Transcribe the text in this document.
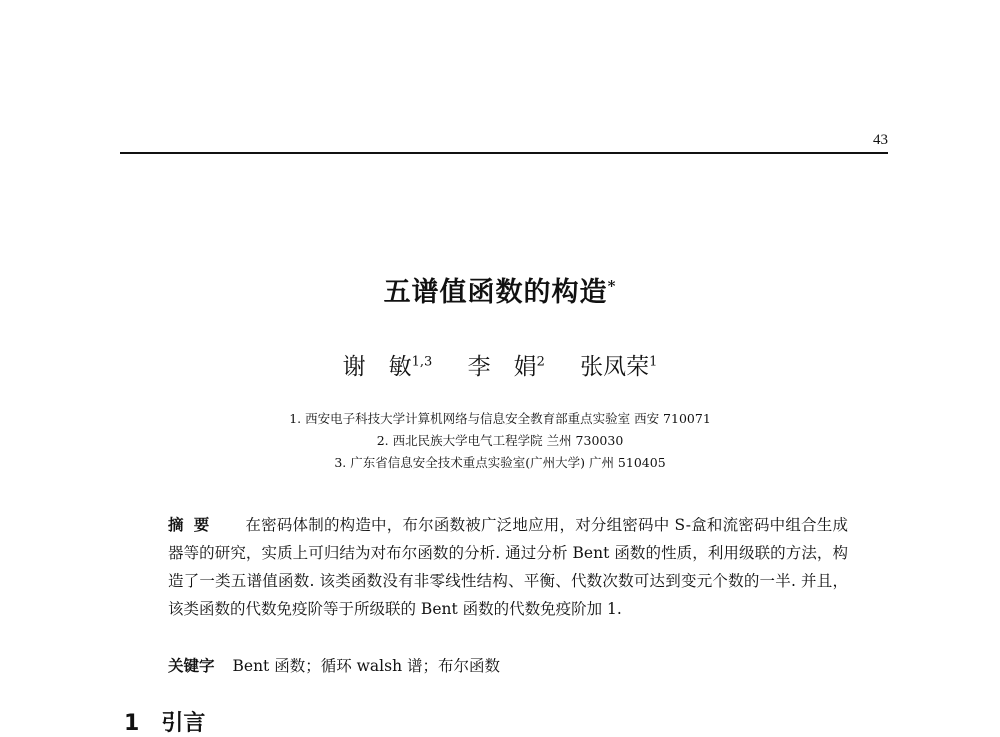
43
五谱值函数的构造*
谢　敏$^{1,3}$ 李　娟$^2$ 张凤荣$^1$
1. 西安电子科技大学计算机网络与信息安全教育部重点实验室 西安 710071
2. 西北民族大学电气工程学院 兰州 730030
3. 广东省信息安全技术重点实验室(广州大学) 广州 510405
摘要 在密码体制的构造中，布尔函数被广泛地应用，对分组密码中 S-盒和流密码中组合生成器等的研究，实质上可归结为对布尔函数的分析. 通过分析 Bent 函数的性质，利用级联的方法，构造了一类五谱值函数. 该类函数没有非零线性结构、平衡、代数次数可达到变元个数的一半. 并且，该类函数的代数免疫阶等于所级联的 Bent 函数的代数免疫阶加 1.
关键字 Bent 函数；循环 walsh 谱；布尔函数
1 引言
